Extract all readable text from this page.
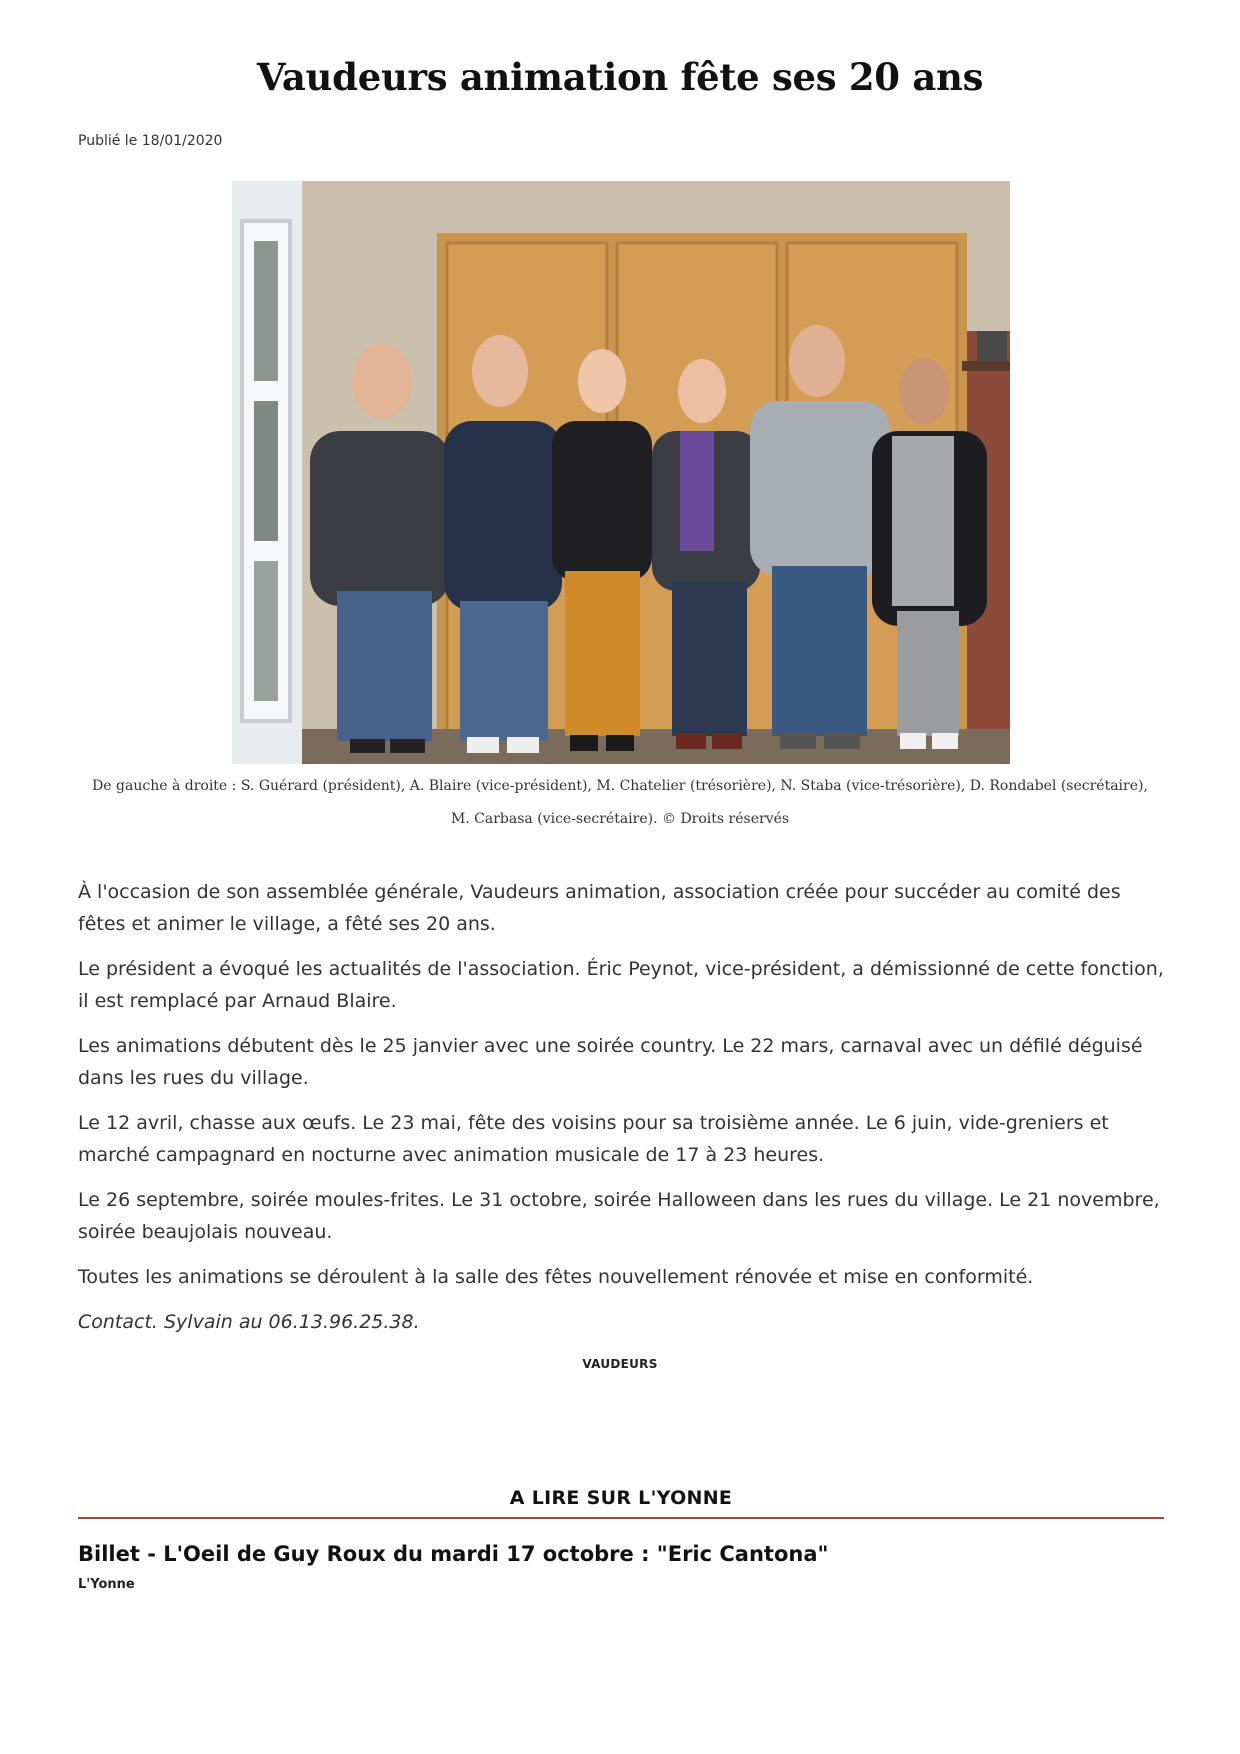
Vaudeurs animation fête ses 20 ans
Publié le 18/01/2020
De gauche à droite : S. Guérard (président), A. Blaire (vice-président), M. Chatelier (trésorière), N. Staba (vice-trésorière), D. Rondabel (secrétaire),
M. Carbasa (vice-secrétaire). © Droits réservés

À l'occasion de son assemblée générale, Vaudeurs animation, association créée pour succéder au comité des fêtes et animer le village, a fêté ses 20 ans.

Le président a évoqué les actualités de l'association. Éric Peynot, vice-président, a démissionné de cette fonction, il est remplacé par Arnaud Blaire.

Les animations débutent dès le 25 janvier avec une soirée country. Le 22 mars, carnaval avec un défilé déguisé dans les rues du village.

Le 12 avril, chasse aux œufs. Le 23 mai, fête des voisins pour sa troisième année. Le 6 juin, vide-greniers et marché campagnard en nocturne avec animation musicale de 17 à 23 heures.

Le 26 septembre, soirée moules-frites. Le 31 octobre, soirée Halloween dans les rues du village. Le 21 novembre, soirée beaujolais nouveau.

Toutes les animations se déroulent à la salle des fêtes nouvellement rénovée et mise en conformité.

Contact. Sylvain au 06.13.96.25.38.

VAUDEURS
A LIRE SUR L'YONNE
Billet - L'Oeil de Guy Roux du mardi 17 octobre : "Eric Cantona"
L'Yonne
